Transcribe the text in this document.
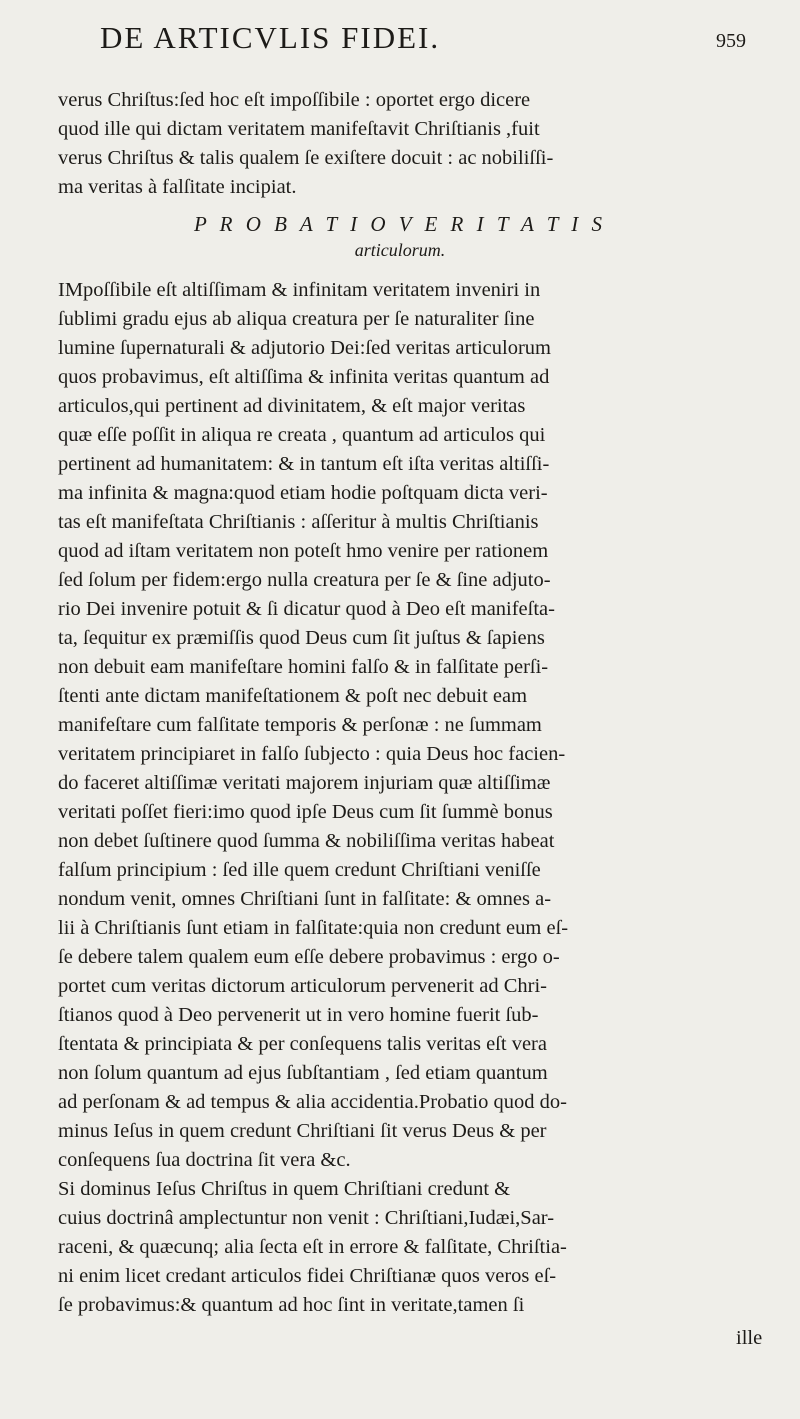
DE ARTICVLIS FIDEI.	959
verus Chriſtus:ſed hoc eſt impoſſibile : oportet ergo dicere
quod ille qui dictam veritatem manifeſtavit Chriſtianis ,fuit
verus Chriſtus & talis qualem ſe exiſtere docuit : ac nobiliſſi-
ma veritas à falſitate incipiat.
P R O B A T I O V E R I T A T I S
articulorum.
IMpoſſibile eſt altiſſimam & infinitam veritatem inveniri in
ſublimi gradu ejus ab aliqua creatura per ſe naturaliter ſine
lumine ſupernaturali & adjutorio Dei:ſed veritas articulorum
quos probavimus, eſt altiſſima & infinita veritas quantum ad
articulos,qui pertinent ad divinitatem, & eſt major veritas
quæ eſſe poſſit in aliqua re creata , quantum ad articulos qui
pertinent ad humanitatem: & in tantum eſt iſta veritas altiſſi-
ma infinita & magna:quod etiam hodie poſtquam dicta veri-
tas eſt manifeſtata Chriſtianis : aſſeritur à multis Chriſtianis
quod ad iſtam veritatem non poteſt hmo venire per rationem
ſed ſolum per fidem:ergo nulla creatura per ſe & ſine adjuto-
rio Dei invenire potuit & ſi dicatur quod à Deo eſt manifeſta-
ta, ſequitur ex præmiſſis quod Deus cum ſit juſtus & ſapiens
non debuit eam manifeſtare homini falſo & in falſitate perſi-
ſtenti ante dictam manifeſtationem & poſt nec debuit eam
manifeſtare cum falſitate temporis & perſonæ : ne ſummam
veritatem principiaret in falſo ſubjecto : quia Deus hoc facien-
do faceret altiſſimæ veritati majorem injuriam quæ altiſſimæ
veritati poſſet fieri:imo quod ipſe Deus cum ſit ſummè bonus
non debet ſuſtinere quod ſumma & nobiliſſima veritas habeat
falſum principium : ſed ille quem credunt Chriſtiani veniſſe
nondum venit, omnes Chriſtiani ſunt in falſitate: & omnes a-
lii à Chriſtianis ſunt etiam in falſitate:quia non credunt eum eſ-
ſe debere talem qualem eum eſſe debere probavimus : ergo o-
portet cum veritas dictorum articulorum pervenerit ad Chri-
ſtianos quod à Deo pervenerit ut in vero homine fuerit ſub-
ſtentata & principiata & per conſequens talis veritas eſt vera
non ſolum quantum ad ejus ſubſtantiam , ſed etiam quantum
ad perſonam & ad tempus & alia accidentia.Probatio quod do-
minus Ieſus in quem credunt Chriſtiani ſit verus Deus & per
conſequens ſua doctrina ſit vera &c.
Si dominus Ieſus Chriſtus in quem Chriſtiani credunt &
cuius doctrinâ amplectuntur non venit : Chriſtiani,Iudæi,Sar-
raceni, & quæcunq; alia ſecta eſt in errore & falſitate, Chriſtia-
ni enim licet credant articulos fidei Chriſtianæ quos veros eſ-
ſe probavimus:& quantum ad hoc ſint in veritate,tamen ſi
ille
